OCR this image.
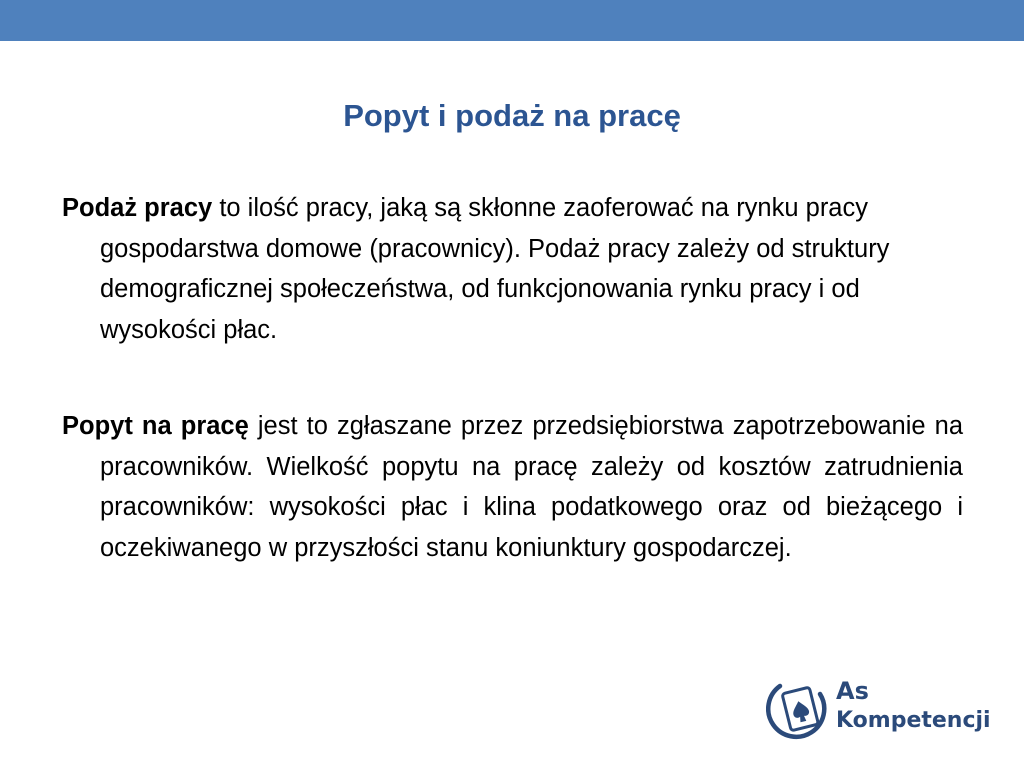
Popyt i podaż na pracę

Podaż pracy to ilość pracy, jaką są skłonne zaoferować na rynku pracy gospodarstwa domowe (pracownicy). Podaż pracy zależy od struktury demograficznej społeczeństwa, od funkcjonowania rynku pracy i od wysokości płac.

Popyt na pracę jest to zgłaszane przez przedsiębiorstwa zapotrzebowanie na pracowników. Wielkość popytu na pracę zależy od kosztów zatrudnienia pracowników: wysokości płac i klina podatkowego oraz od bieżącego i oczekiwanego w przyszłości stanu koniunktury gospodarczej.

As
Kompetencji
